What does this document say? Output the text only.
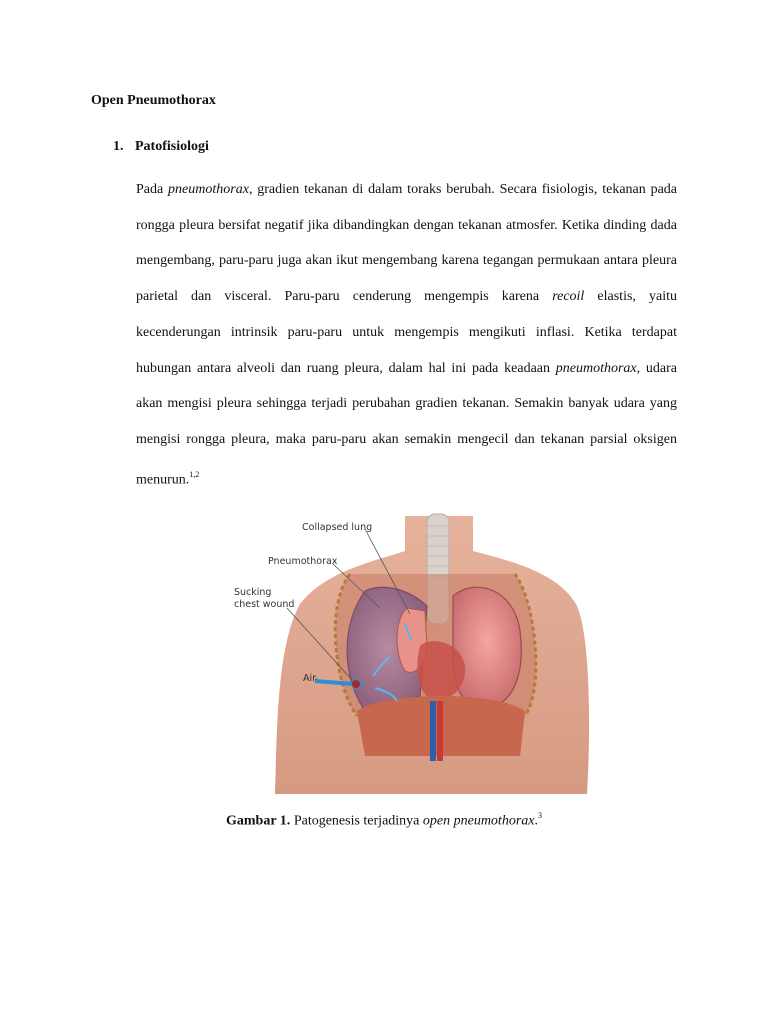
Open Pneumothorax
1. Patofisiologi

Pada pneumothorax, gradien tekanan di dalam toraks berubah. Secara fisiologis, tekanan pada rongga pleura bersifat negatif jika dibandingkan dengan tekanan atmosfer. Ketika dinding dada mengembang, paru-paru juga akan ikut mengembang karena tegangan permukaan antara pleura parietal dan visceral. Paru-paru cenderung mengempis karena recoil elastis, yaitu kecenderungan intrinsik paru-paru untuk mengempis mengikuti inflasi. Ketika terdapat hubungan antara alveoli dan ruang pleura, dalam hal ini pada keadaan pneumothorax, udara akan mengisi pleura sehingga terjadi perubahan gradien tekanan. Semakin banyak udara yang mengisi rongga pleura, maka paru-paru akan semakin mengecil dan tekanan parsial oksigen menurun.$^{1,2}$

Collapsed lung
Pneumothorax
Sucking
chest wound
Air
Gambar 1. Patogenesis terjadinya open pneumothorax.$^3$
